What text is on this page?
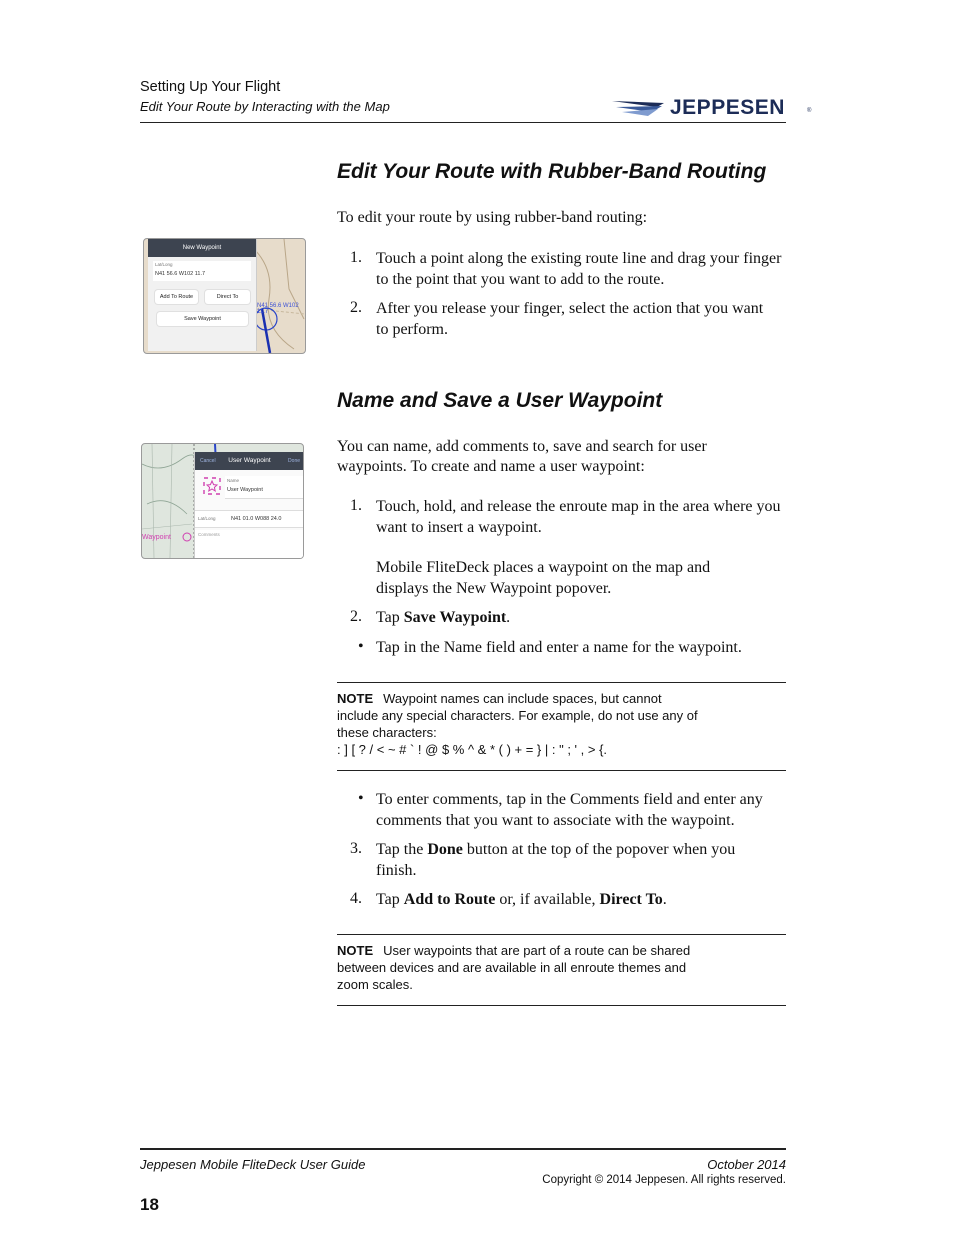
Setting Up Your Flight
Edit Your Route by Interacting with the Map	JEPPESEN	®
Edit Your Route with Rubber-Band Routing
To edit your route by using rubber-band routing:
1. Touch a point along the existing route line and drag your finger to the point that you want to add to the route.
2. After you release your finger, select the action that you want to perform.
N41 56.6 W102 11.7
New Waypoint
Lat/Long
N41 56.6 W102 11.7
Add To Route	Direct To
Save Waypoint
Name and Save a User Waypoint
You can name, add comments to, save and search for user waypoints. To create and name a user waypoint:
1. Touch, hold, and release the enroute map in the area where you want to insert a waypoint.
Mobile FliteDeck places a waypoint on the map and displays the New Waypoint popover.
2. Tap Save Waypoint.
• Tap in the Name field and enter a name for the waypoint.
NOTE Waypoint names can include spaces, but cannot
include any special characters. For example, do not use any of
these characters:
: ] [ ? / < ~ # ` ! @ $ % ^ & * ( ) + = } | : " ; ' , > {.
• To enter comments, tap in the Comments field and enter any comments that you want to associate with the waypoint.
3. Tap the Done button at the top of the popover when you finish.
4. Tap Add to Route or, if available, Direct To.
NOTE User waypoints that are part of a route can be shared
between devices and are available in all enroute themes and
zoom scales.
Waypoint
Cancel User Waypoint	Done
Name
User Waypoint
Lat/Long	N41 01.0 W088 24.0
Comments
Jeppesen Mobile FliteDeck User Guide	October 2014
Copyright © 2014 Jeppesen. All rights reserved.
18
